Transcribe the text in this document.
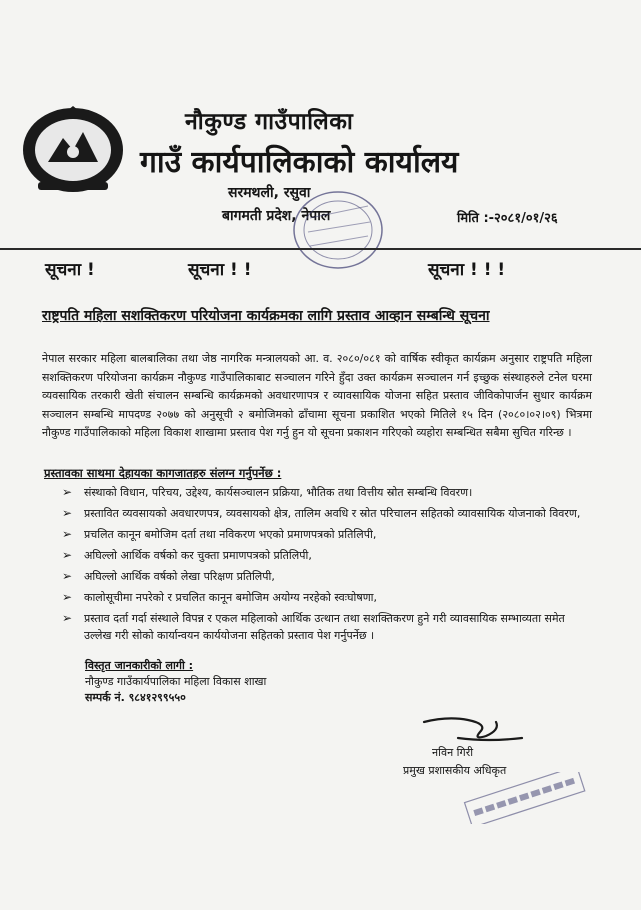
नौकुण्ड गाउँपालिका
गाउँ कार्यपालिकाको कार्यालय
सरमथली, रसुवा
बागमती प्रदेश, नेपाल	मिति :-२०८१/०१/२६
सूचना !	सूचना ! !	सूचना ! ! !
राष्ट्रपति महिला सशक्तिकरण परियोजना कार्यक्रमका लागि प्रस्ताव आव्हान सम्बन्धि सूचना
नेपाल सरकार महिला बालबालिका तथा जेष्ठ नागरिक मन्त्रालयको आ. व. २०८०/०८१ को वार्षिक स्वीकृत कार्यक्रम अनुसार राष्ट्रपति महिला सशक्तिकरण परियोजना कार्यक्रम नौकुण्ड गाउँपालिकाबाट सञ्चालन गरिने हुँदा उक्त कार्यक्रम सञ्चालन गर्न इच्छुक संस्थाहरुले टनेल घरमा व्यवसायिक तरकारी खेती संचालन सम्बन्धि कार्यक्रमको अवधारणापत्र र व्यावसायिक योजना सहित प्रस्ताव जीविकोपार्जन सुधार कार्यक्रम सञ्चालन सम्बन्धि मापदण्ड २०७७ को अनुसूची २ बमोजिमको ढाँचामा सूचना प्रकाशित भएको मितिले १५ दिन (२०८०।०२।०९) भित्रमा नौकुण्ड गाउँपालिकाको महिला विकाश शाखामा प्रस्ताव पेश गर्नु हुन यो सूचना प्रकाशन गरिएको व्यहोरा सम्बन्धित सबैमा सुचित गरिन्छ ।
प्रस्तावका साथमा देहायका कागजातहरु संलग्न गर्नुपर्नेछ :
➢ संस्थाको विधान, परिचय, उद्देश्य, कार्यसञ्चालन प्रक्रिया, भौतिक तथा वित्तीय स्रोत सम्बन्धि विवरण।
➢ प्रस्तावित व्यवसायको अवधारणपत्र, व्यवसायको क्षेत्र, तालिम अवधि र स्रोत परिचालन सहितको व्यावसायिक योजनाको विवरण,
➢ प्रचलित कानून बमोजिम दर्ता तथा नविकरण भएको प्रमाणपत्रको प्रतिलिपी,
➢ अघिल्लो आर्थिक वर्षको कर चुक्ता प्रमाणपत्रको प्रतिलिपी,
➢ अघिल्लो आर्थिक वर्षको लेखा परिक्षण प्रतिलिपी,
➢ कालोसूचीमा नपरेको र प्रचलित कानून बमोजिम अयोग्य नरहेको स्वःघोषणा,
➢ प्रस्ताव दर्ता गर्दा संस्थाले विपन्न र एकल महिलाको आर्थिक उत्थान तथा सशक्तिकरण हुने गरी व्यावसायिक सम्भाव्यता समेत उल्लेख गरी सोको कार्यान्वयन कार्ययोजना सहितको प्रस्ताव पेश गर्नुपर्नेछ ।
विस्तृत जानकारीको लागी :
नौकुण्ड गाउँकार्यपालिका महिला विकास शाखा
सम्पर्क नं. ९८४१२९९५५०
नविन गिरी
प्रमुख प्रशासकीय अधिकृत
